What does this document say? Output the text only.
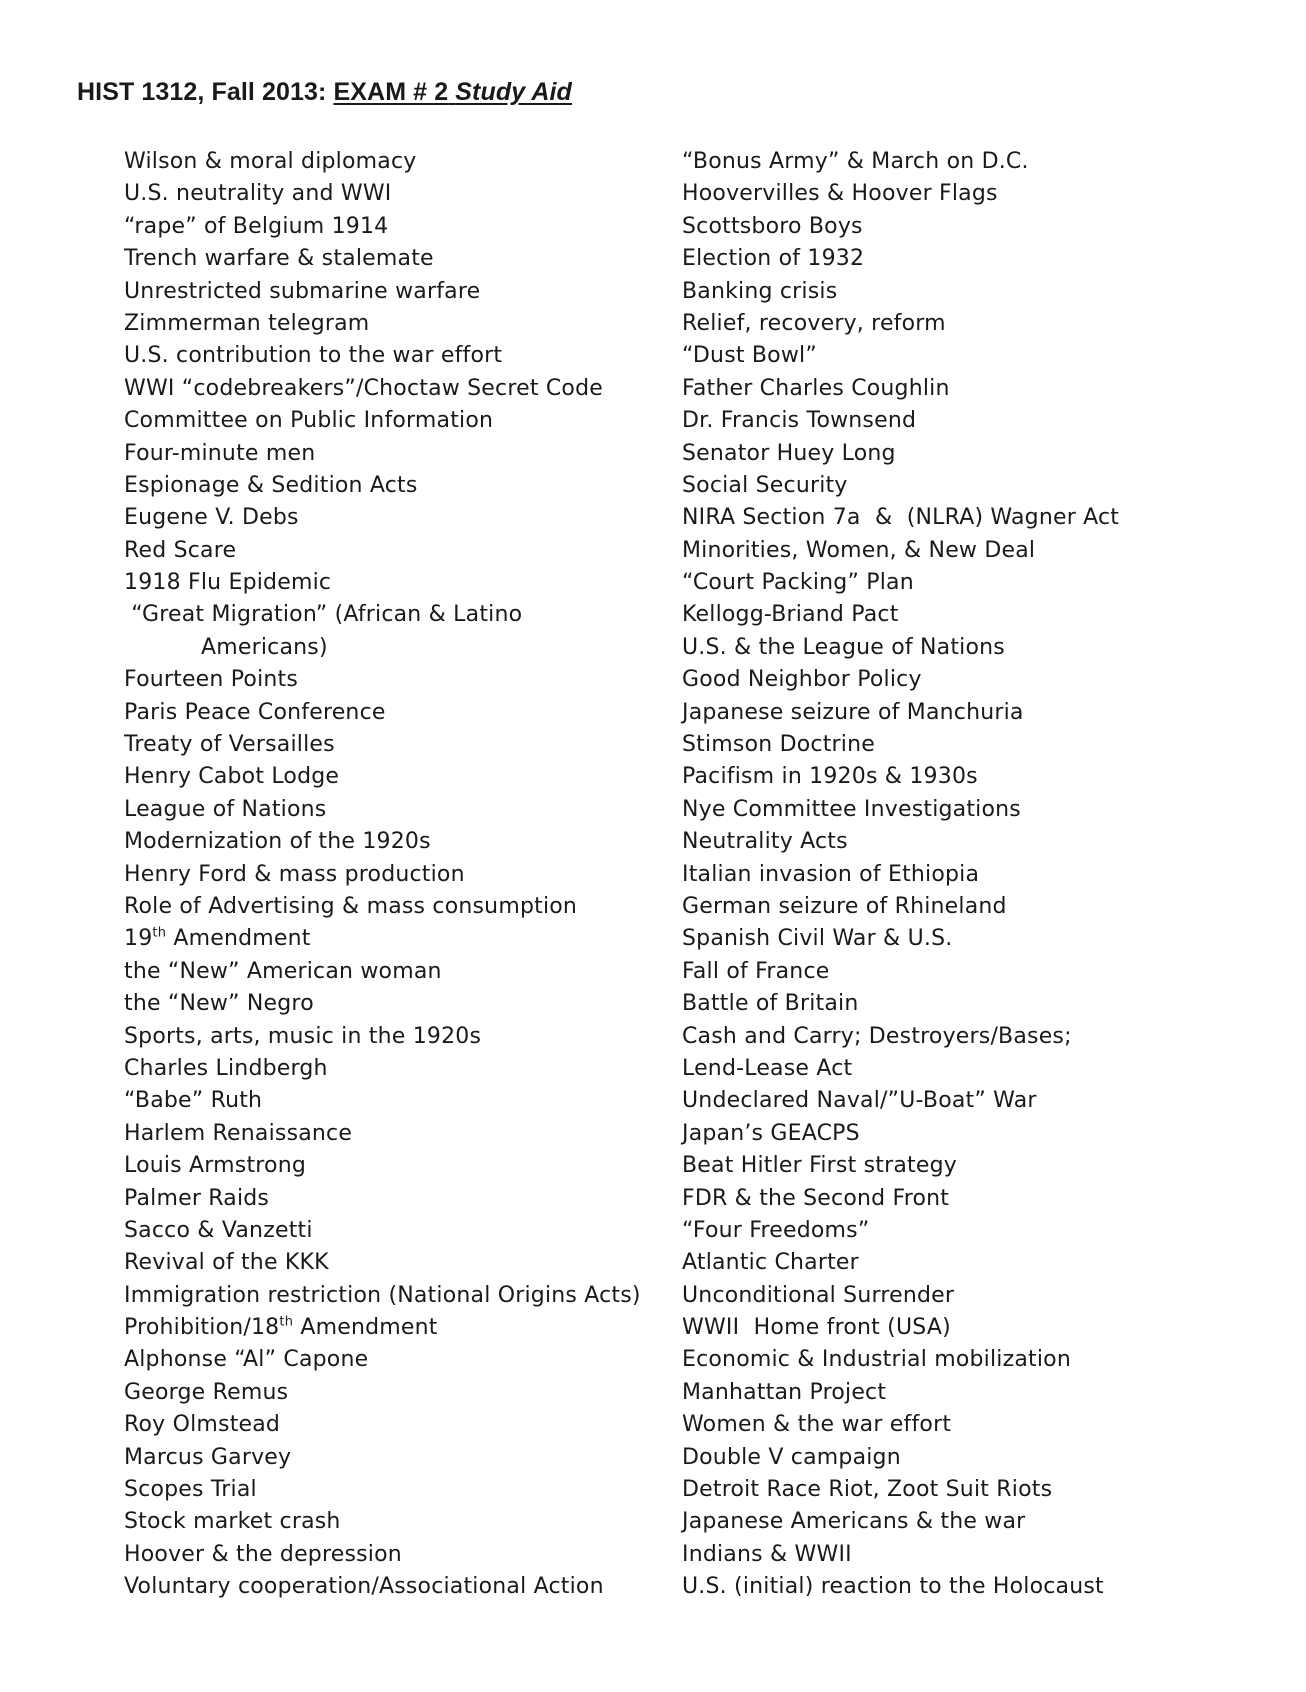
HIST 1312, Fall 2013: EXAM # 2 Study Aid
Wilson & moral diplomacy
U.S. neutrality and WWI
“rape” of Belgium 1914
Trench warfare & stalemate
Unrestricted submarine warfare
Zimmerman telegram
U.S. contribution to the war effort
WWI “codebreakers”/Choctaw Secret Code
Committee on Public Information
Four-minute men
Espionage & Sedition Acts
Eugene V. Debs
Red Scare
1918 Flu Epidemic
“Great Migration” (African & Latino
Americans)
Fourteen Points
Paris Peace Conference
Treaty of Versailles
Henry Cabot Lodge
League of Nations
Modernization of the 1920s
Henry Ford & mass production
Role of Advertising & mass consumption
19th Amendment
the “New” American woman
the “New” Negro
Sports, arts, music in the 1920s
Charles Lindbergh
“Babe” Ruth
Harlem Renaissance
Louis Armstrong
Palmer Raids
Sacco & Vanzetti
Revival of the KKK
Immigration restriction (National Origins Acts)
Prohibition/18th Amendment
Alphonse “Al” Capone
George Remus
Roy Olmstead
Marcus Garvey
Scopes Trial
Stock market crash
Hoover & the depression
Voluntary cooperation/Associational Action
“Bonus Army” & March on D.C.
Hoovervilles & Hoover Flags
Scottsboro Boys
Election of 1932
Banking crisis
Relief, recovery, reform
“Dust Bowl”
Father Charles Coughlin
Dr. Francis Townsend
Senator Huey Long
Social Security
NIRA Section 7a  &  (NLRA) Wagner Act
Minorities, Women, & New Deal
“Court Packing” Plan
Kellogg-Briand Pact
U.S. & the League of Nations
Good Neighbor Policy
Japanese seizure of Manchuria
Stimson Doctrine
Pacifism in 1920s & 1930s
Nye Committee Investigations
Neutrality Acts
Italian invasion of Ethiopia
German seizure of Rhineland
Spanish Civil War & U.S.
Fall of France
Battle of Britain
Cash and Carry; Destroyers/Bases;
Lend-Lease Act
Undeclared Naval/”U-Boat” War
Japan’s GEACPS
Beat Hitler First strategy
FDR & the Second Front
“Four Freedoms”
Atlantic Charter
Unconditional Surrender
WWII  Home front (USA)
Economic & Industrial mobilization
Manhattan Project
Women & the war effort
Double V campaign
Detroit Race Riot, Zoot Suit Riots
Japanese Americans & the war
Indians & WWII
U.S. (initial) reaction to the Holocaust
